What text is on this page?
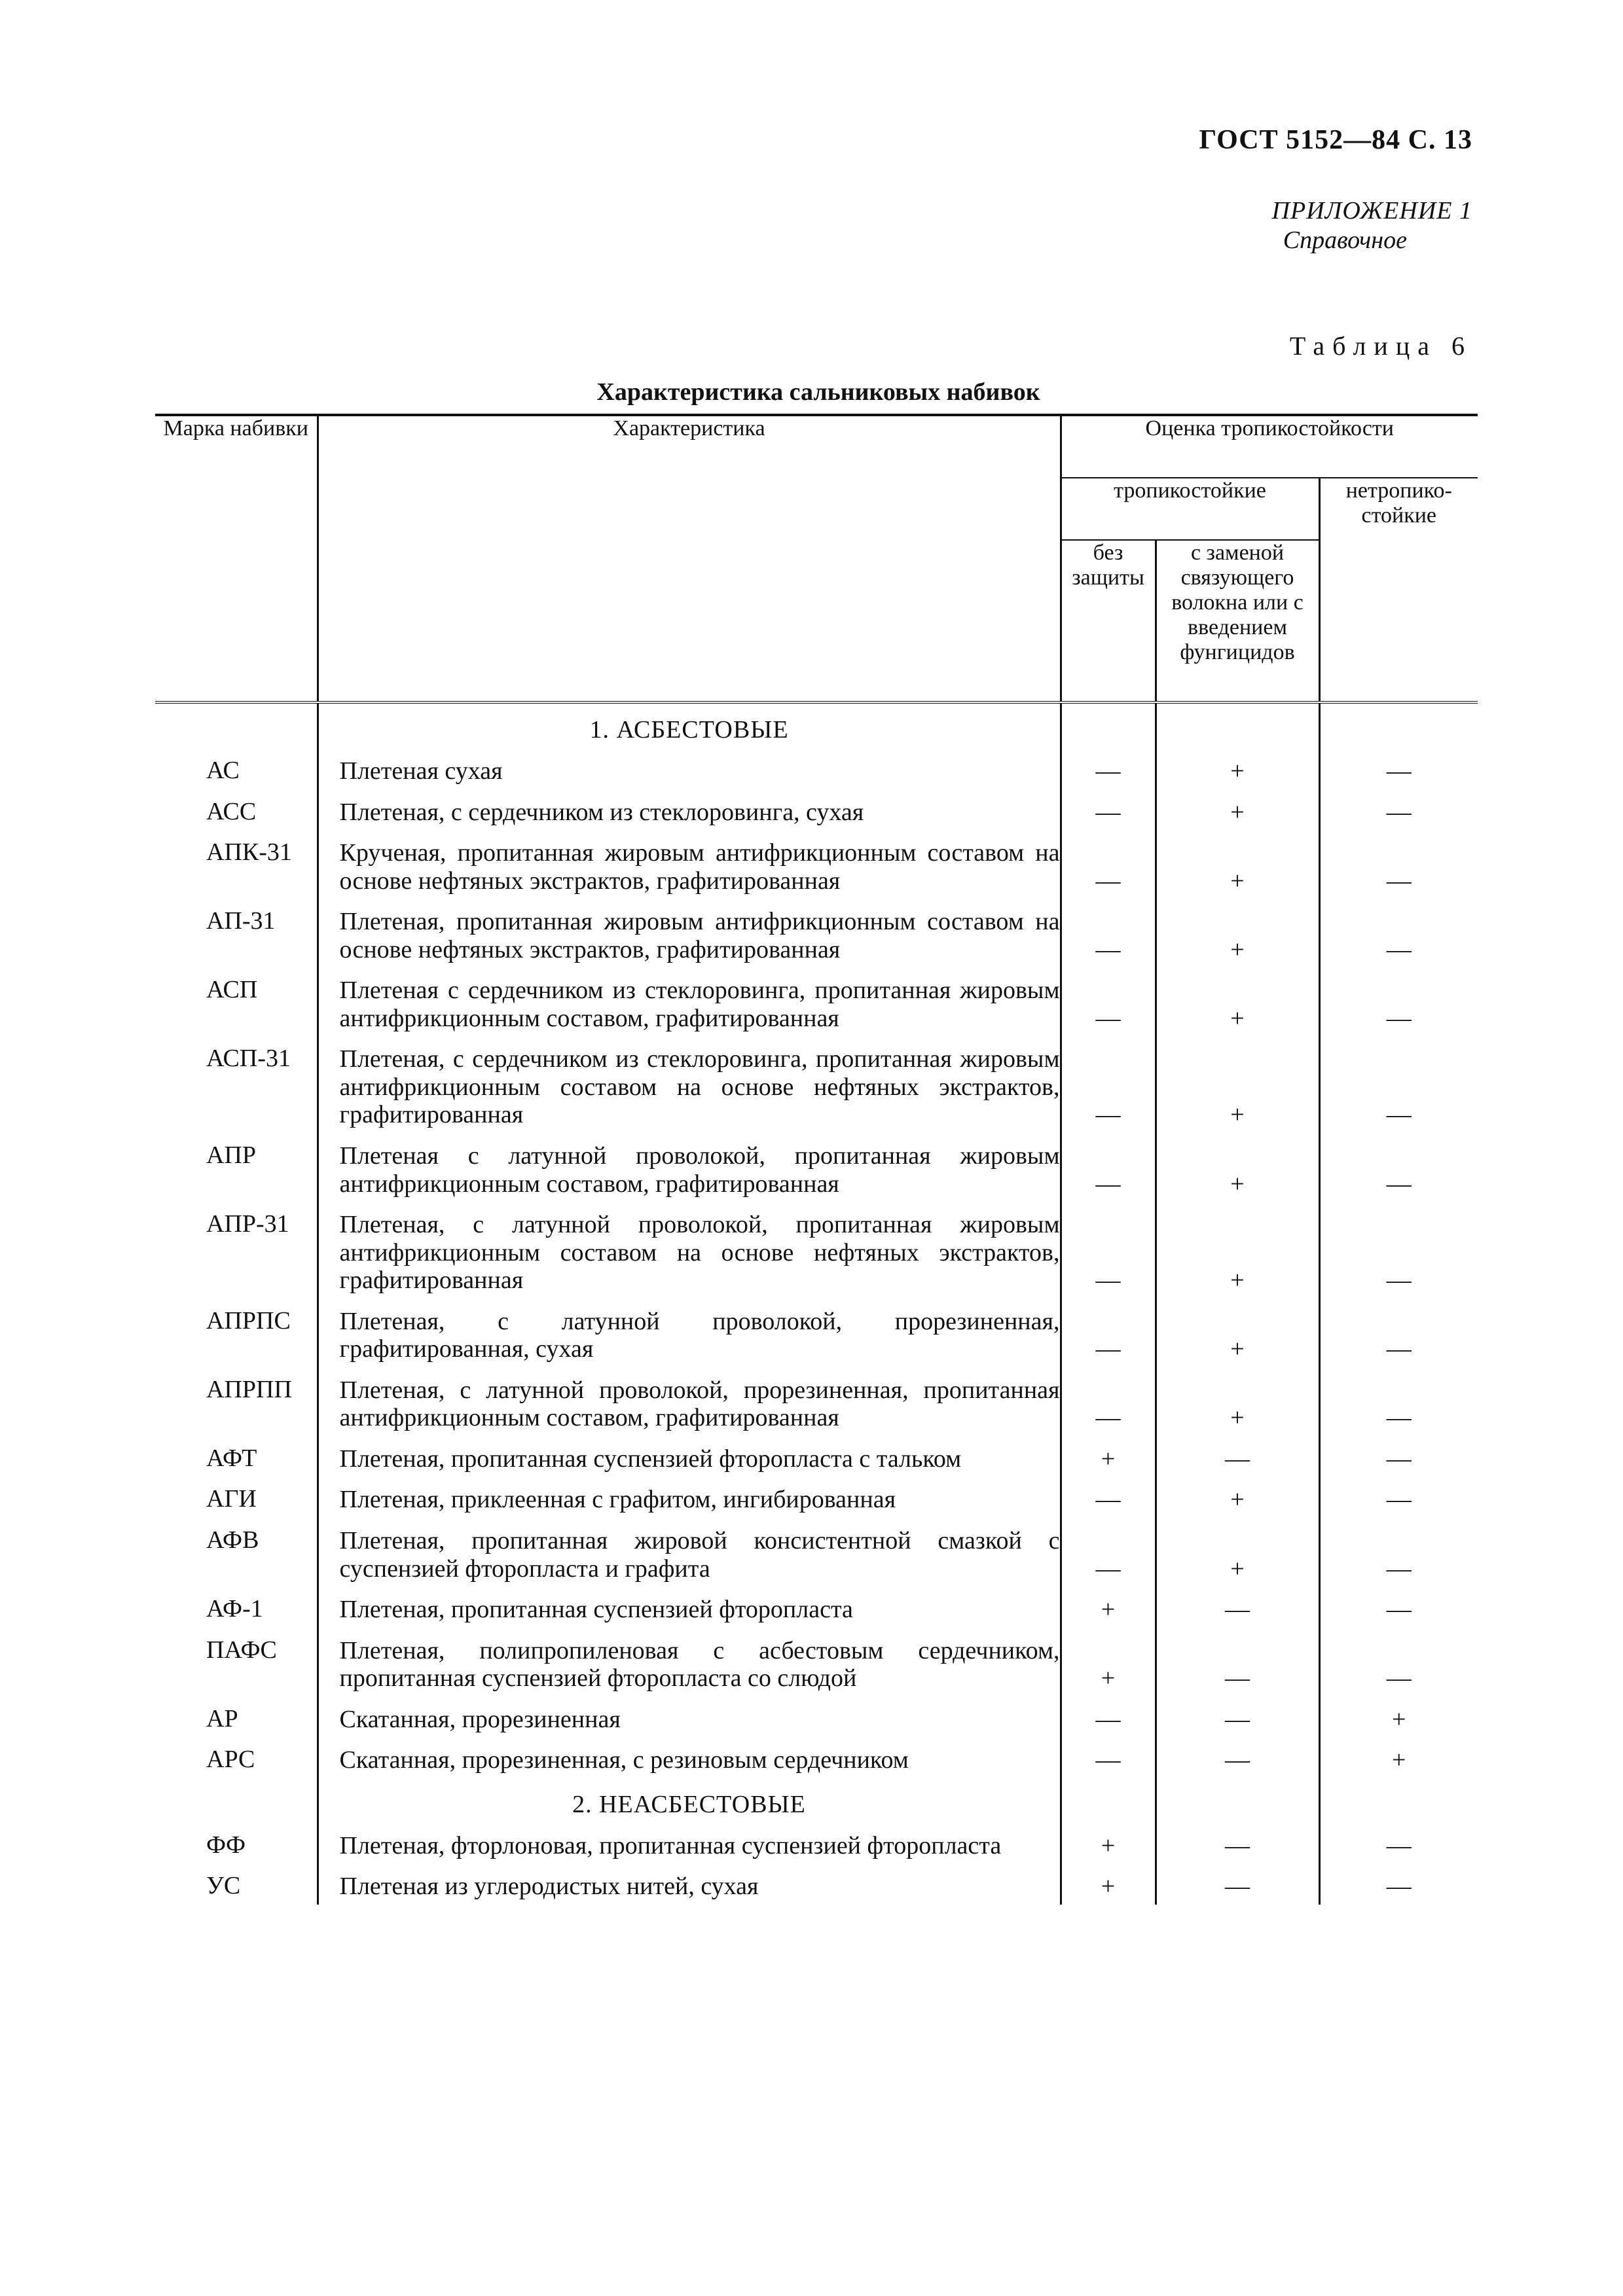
ГОСТ 5152—84 С. 13
ПРИЛОЖЕНИЕ 1
Справочное
Таблица 6
Характеристика сальниковых набивок
Марка набивки	Характеристика	Оценка тропикостойкости		
		тропикостойкие		нетропико-стойкие
		без защиты	с заменой связующего волокна или с введением фунгицидов	
	1. АСБЕСТОВЫЕ			
АС	Плетеная сухая	—	+	—
АСС	Плетеная, с сердечником из стеклоровинга, сухая	—	+	—
АПК-31	Крученая, пропитанная жировым антифрикционным составом на основе нефтяных экстрактов, графитированная	—	+	—
АП-31	Плетеная, пропитанная жировым антифрикционным составом на основе нефтяных экстрактов, графитированная	—	+	—
АСП	Плетеная с сердечником из стеклоровинга, пропитанная жировым антифрикционным составом, графитированная	—	+	—
АСП-31	Плетеная, с сердечником из стеклоровинга, пропитанная жировым антифрикционным составом на основе нефтяных экстрактов, графитированная	—	+	—
АПР	Плетеная с латунной проволокой, пропитанная жировым антифрикционным составом, графитированная	—	+	—
АПР-31	Плетеная, с латунной проволокой, пропитанная жировым антифрикционным составом на основе нефтяных экстрактов, графитированная	—	+	—
АПРПС	Плетеная, с латунной проволокой, прорезиненная, графитированная, сухая	—	+	—
АПРПП	Плетеная, с латунной проволокой, прорезиненная, пропитанная антифрикционным составом, графитированная	—	+	—
АФТ	Плетеная, пропитанная суспензией фторопласта с тальком	+	—	—
АГИ	Плетеная, приклеенная с графитом, ингибированная	—	+	—
АФВ	Плетеная, пропитанная жировой консистентной смазкой с суспензией фторопласта и графита	—	+	—
АФ-1	Плетеная, пропитанная суспензией фторопласта	+	—	—
ПАФС	Плетеная, полипропиленовая с асбестовым сердечником, пропитанная суспензией фторопласта со слюдой	+	—	—
АР	Скатанная, прорезиненная	—	—	+
АРС	Скатанная, прорезиненная, с резиновым сердечником	—	—	+
	2. НЕАСБЕСТОВЫЕ			
ФФ	Плетеная, фторлоновая, пропитанная суспензией фторопласта	+	—	—
УС	Плетеная из углеродистых нитей, сухая	+	—	—
